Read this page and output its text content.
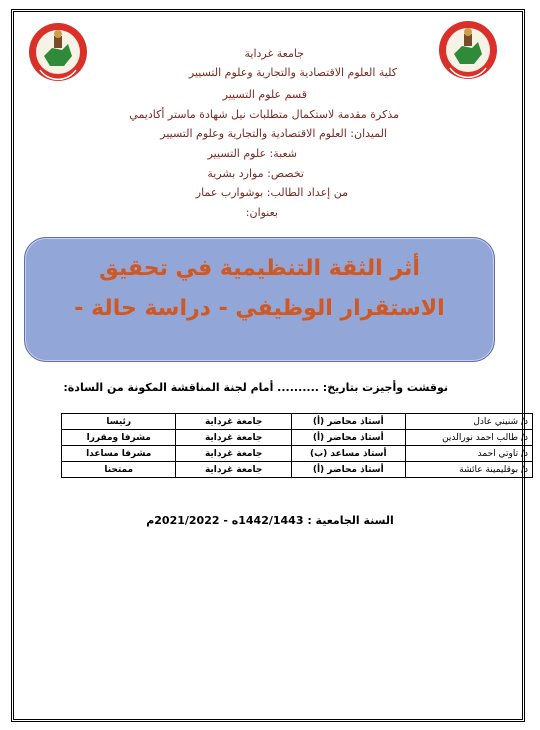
جامعة غرداية
كلية العلوم الاقتصادية والتجارية وعلوم التسيير
قسم علوم التسيير
مذكرة مقدمة لاستكمال متطلبات نيل شهادة ماستر أكاديمي
الميدان: العلوم الاقتصادية والتجارية وعلوم التسيير
شعبة: علوم التسيير
تخصص: موارد بشرية
من إعداد الطالب: بوشوارب عمار
بعنوان:
أثر الثقة التنظيمية في تحقيق
الاستقرار الوظيفي - دراسة حالة -
نوقشت وأجيزت بتاريخ: .......... أمام لجنة المناقشة المكونة من السادة:
د/ شنيني عادل	أستاذ محاضر (أ)	جامعة غرداية	رئيسا
د/ طالب احمد نورالدين	أستاذ محاضر (أ)	جامعة غرداية	مشرفا ومقررا
د/ تاوتي احمد	أستاذ مساعد (ب)	جامعة غرداية	مشرفا مساعدا
د/ بوقليمينة عائشة	أستاذ محاضر (أ)	جامعة غرداية	ممتحنا
السنة الجامعية : 1442/1443ه - 2021/2022م
